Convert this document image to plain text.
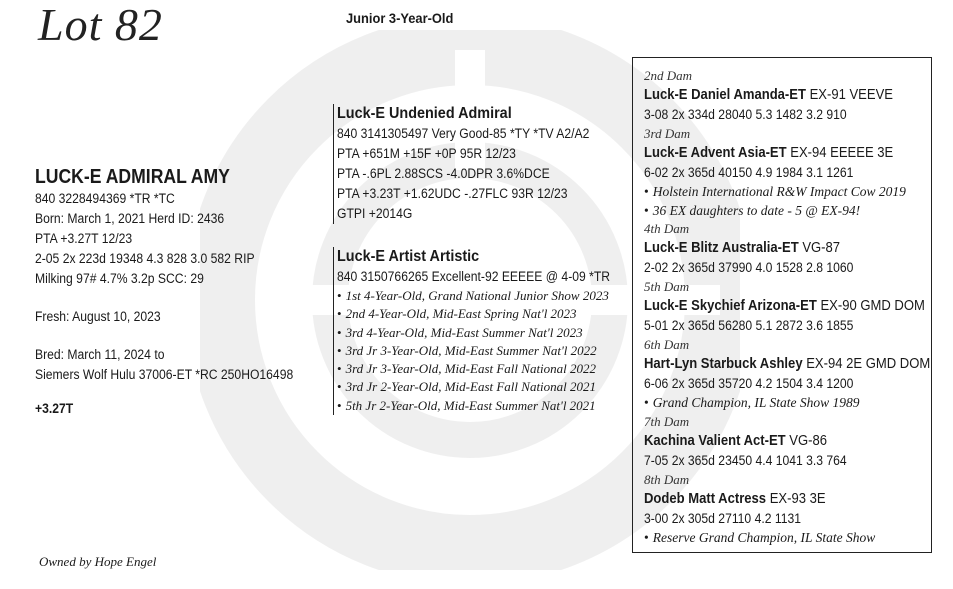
Lot 82	Junior 3-Year-Old
LUCK-E ADMIRAL AMY
840 3228494369 *TR *TC
Born: March 1, 2021 Herd ID: 2436
PTA +3.27T 12/23
2-05 2x 223d 19348 4.3 828 3.0 582 RIP
Milking 97# 4.7% 3.2p SCC: 29
Fresh: August 10, 2023
Bred: March 11, 2024 to
Siemers Wolf Hulu 37006-ET *RC 250HO16498
+3.27T
Owned by Hope Engel
Luck-E Undenied Admiral
840 3141305497 Very Good-85 *TY *TV A2/A2
PTA +651M +15F +0P 95R 12/23
PTA -.6PL 2.88SCS -4.0DPR 3.6%DCE
PTA +3.23T +1.62UDC -.27FLC 93R 12/23
GTPI +2014G
Luck-E Artist Artistic
840 3150766265 Excellent-92 EEEEE @ 4-09 *TR
• 1st 4-Year-Old, Grand National Junior Show 2023
• 2nd 4-Year-Old, Mid-East Spring Nat'l 2023
• 3rd 4-Year-Old, Mid-East Summer Nat'l 2023
• 3rd Jr 3-Year-Old, Mid-East Summer Nat'l 2022
• 3rd Jr 3-Year-Old, Mid-East Fall National 2022
• 3rd Jr 2-Year-Old, Mid-East Fall National 2021
• 5th Jr 2-Year-Old, Mid-East Summer Nat'l 2021
2nd Dam
Luck-E Daniel Amanda-ET EX-91 VEEVE
3-08 2x 334d 28040 5.3 1482 3.2 910
3rd Dam
Luck-E Advent Asia-ET EX-94 EEEEE 3E
6-02 2x 365d 40150 4.9 1984 3.1 1261
• Holstein International R&W Impact Cow 2019
• 36 EX daughters to date - 5 @ EX-94!
4th Dam
Luck-E Blitz Australia-ET VG-87
2-02 2x 365d 37990 4.0 1528 2.8 1060
5th Dam
Luck-E Skychief Arizona-ET EX-90 GMD DOM
5-01 2x 365d 56280 5.1 2872 3.6 1855
6th Dam
Hart-Lyn Starbuck Ashley EX-94 2E GMD DOM
6-06 2x 365d 35720 4.2 1504 3.4 1200
• Grand Champion, IL State Show 1989
7th Dam
Kachina Valient Act-ET VG-86
7-05 2x 365d 23450 4.4 1041 3.3 764
8th Dam
Dodeb Matt Actress EX-93 3E
3-00 2x 305d 27110 4.2 1131
• Reserve Grand Champion, IL State Show
